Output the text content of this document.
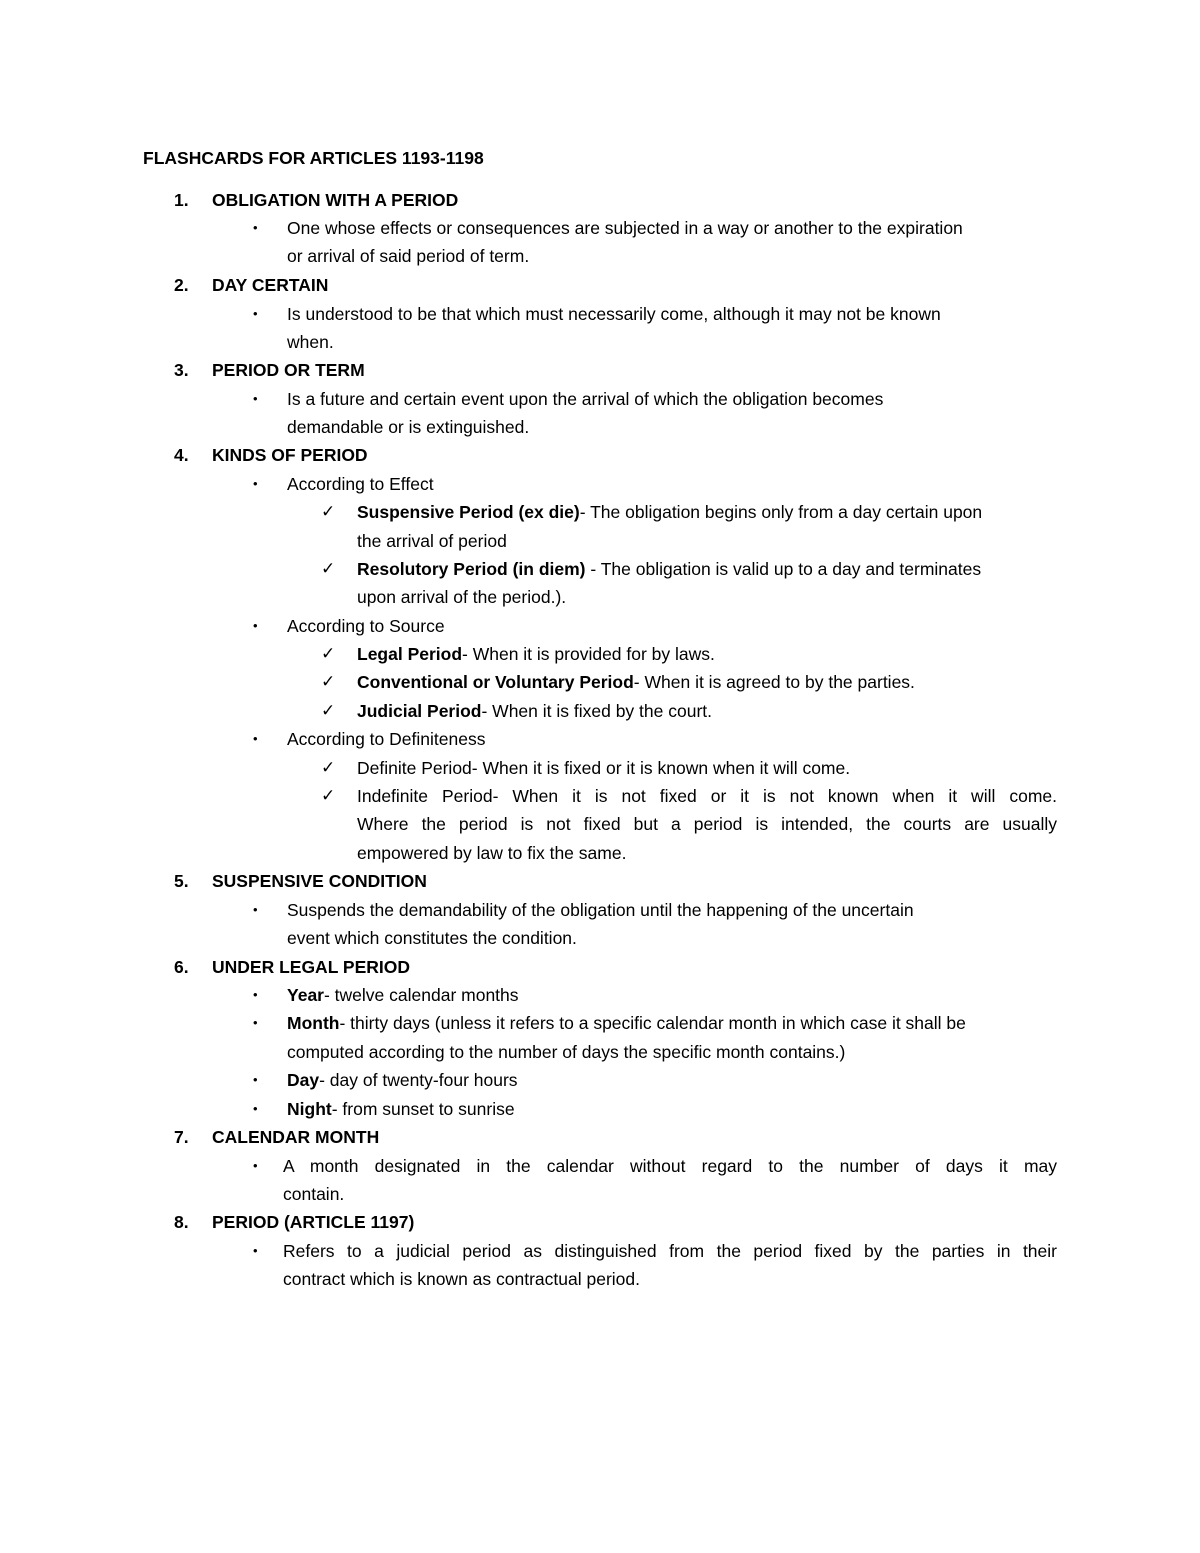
FLASHCARDS FOR ARTICLES 1193-1198
1. OBLIGATION WITH A PERIOD
• One whose effects or consequences are subjected in a way or another to the expiration
or arrival of said period of term.
2. DAY CERTAIN
• Is understood to be that which must necessarily come, although it may not be known
when.
3. PERIOD OR TERM
• Is a future and certain event upon the arrival of which the obligation becomes
demandable or is extinguished.
4. KINDS OF PERIOD
• According to Effect
✓ Suspensive Period (ex die)- The obligation begins only from a day certain upon
the arrival of period
✓ Resolutory Period (in diem) - The obligation is valid up to a day and terminates
upon arrival of the period.).
• According to Source
✓ Legal Period- When it is provided for by laws.
✓ Conventional or Voluntary Period- When it is agreed to by the parties.
✓ Judicial Period- When it is fixed by the court.
• According to Definiteness
✓ Definite Period- When it is fixed or it is known when it will come.
✓ Indefinite Period- When it is not fixed or it is not known when it will come.
Where the period is not fixed but a period is intended, the courts are usually
empowered by law to fix the same.
5. SUSPENSIVE CONDITION
• Suspends the demandability of the obligation until the happening of the uncertain
event which constitutes the condition.
6. UNDER LEGAL PERIOD
• Year- twelve calendar months
• Month- thirty days (unless it refers to a specific calendar month in which case it shall be
computed according to the number of days the specific month contains.)
• Day- day of twenty-four hours
• Night- from sunset to sunrise
7. CALENDAR MONTH
• A month designated in the calendar without regard to the number of days it may
contain.
8. PERIOD (ARTICLE 1197)
• Refers to a judicial period as distinguished from the period fixed by the parties in their
contract which is known as contractual period.
